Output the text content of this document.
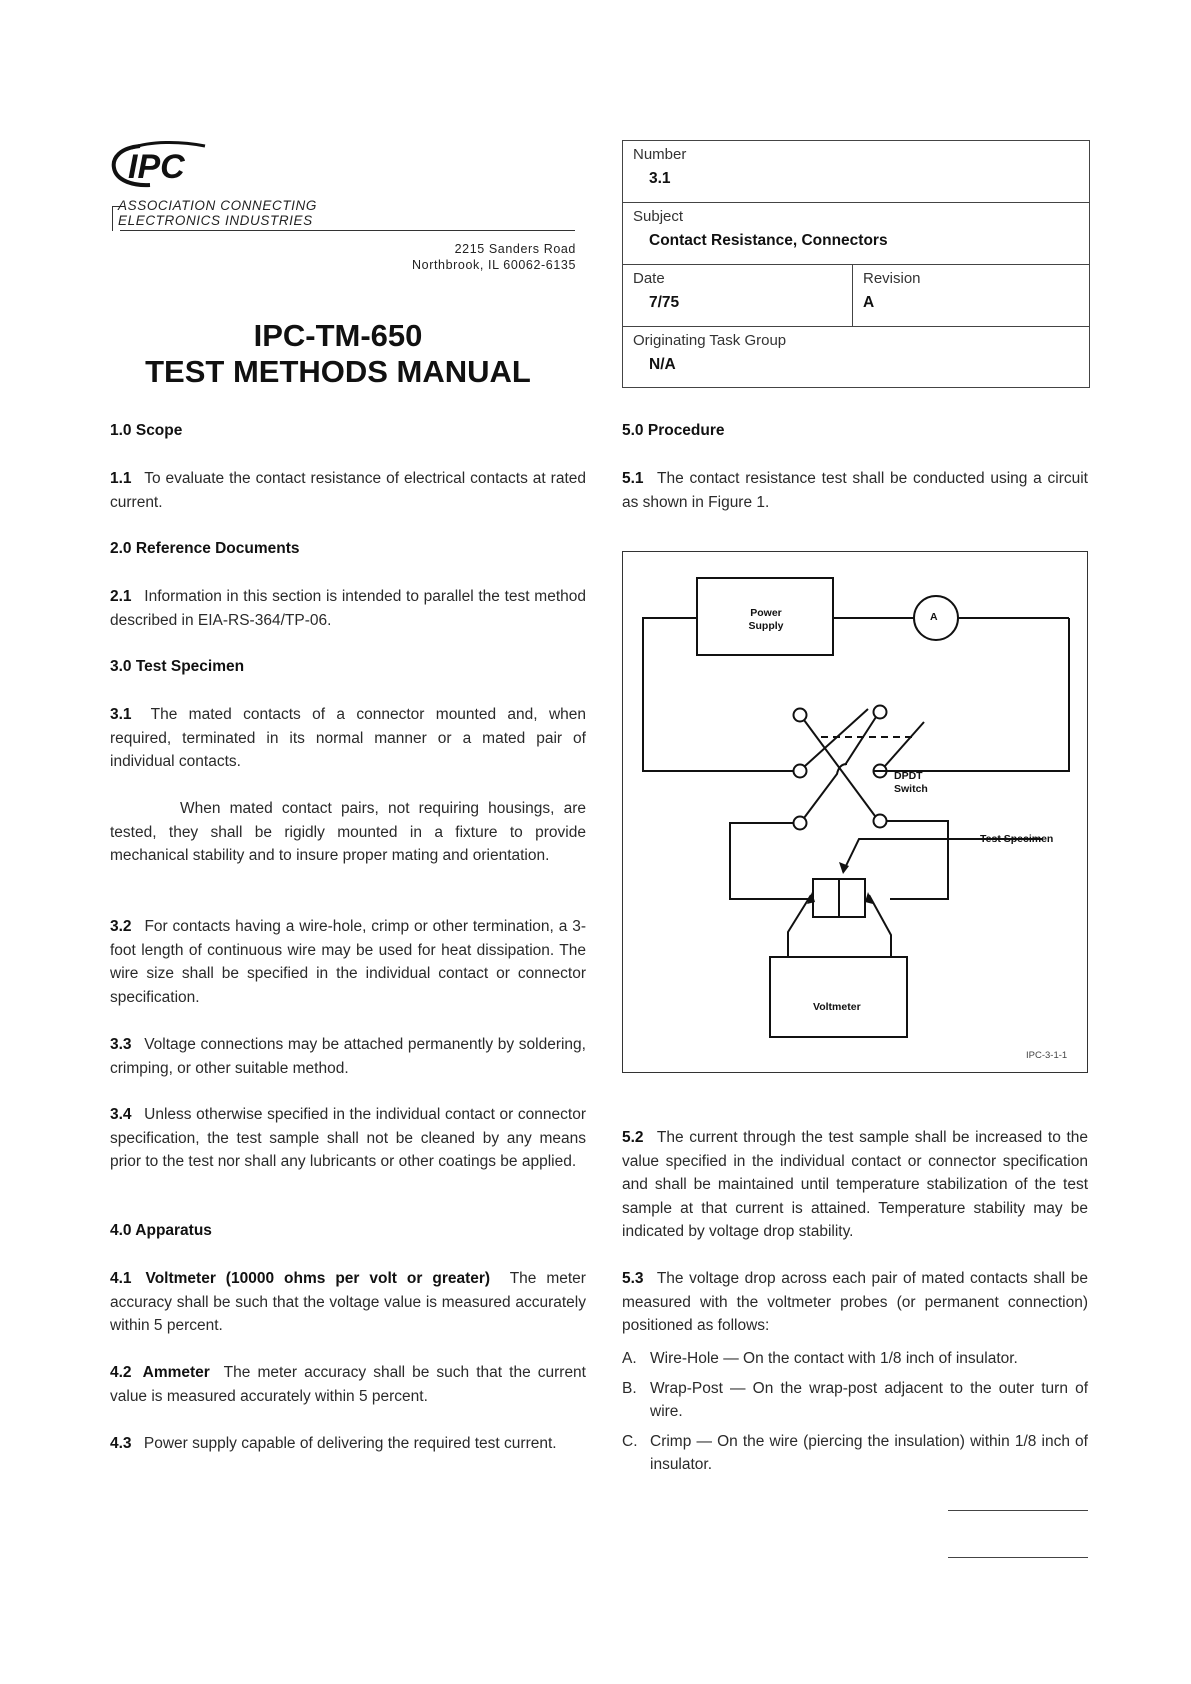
IPC
ASSOCIATION CONNECTING
ELECTRONICS INDUSTRIES
2215 Sanders Road
Northbrook, IL 60062-6135
IPC-TM-650
TEST METHODS MANUAL
Number
3.1
Subject
Contact Resistance, Connectors
Date
7/75
Revision
A
Originating Task Group
N/A
1.0 Scope

1.1 To evaluate the contact resistance of electrical contacts at rated current.

2.0 Reference Documents

2.1 Information in this section is intended to parallel the test method described in EIA-RS-364/TP-06.

3.0 Test Specimen

3.1 The mated contacts of a connector mounted and, when required, terminated in its normal manner or a mated pair of individual contacts.

When mated contact pairs, not requiring housings, are tested, they shall be rigidly mounted in a fixture to provide mechanical stability and to insure proper mating and orientation.

3.2 For contacts having a wire-hole, crimp or other termination, a 3-foot length of continuous wire may be used for heat dissipation. The wire size shall be specified in the individual contact or connector specification.

3.3 Voltage connections may be attached permanently by soldering, crimping, or other suitable method.

3.4 Unless otherwise specified in the individual contact or connector specification, the test sample shall not be cleaned by any means prior to the test nor shall any lubricants or other coatings be applied.

4.0 Apparatus

4.1 Voltmeter (10000 ohms per volt or greater) The meter accuracy shall be such that the voltage value is measured accurately within 5 percent.

4.2 Ammeter The meter accuracy shall be such that the current value is measured accurately within 5 percent.

4.3 Power supply capable of delivering the required test current.

5.0 Procedure

5.1 The contact resistance test shall be conducted using a circuit as shown in Figure 1.

Power
Supply
A
DPDT
Switch
Test Specimen
Voltmeter
IPC-3-1-1

5.2 The current through the test sample shall be increased to the value specified in the individual contact or connector specification and shall be maintained until temperature stabilization of the test sample at that current is attained. Temperature stability may be indicated by voltage drop stability.

5.3 The voltage drop across each pair of mated contacts shall be measured with the voltmeter probes (or permanent connection) positioned as follows:

A. Wire-Hole — On the contact with 1/8 inch of insulator.
B. Wrap-Post — On the wrap-post adjacent to the outer turn of wire.
C. Crimp — On the wire (piercing the insulation) within 1/8 inch of insulator.
